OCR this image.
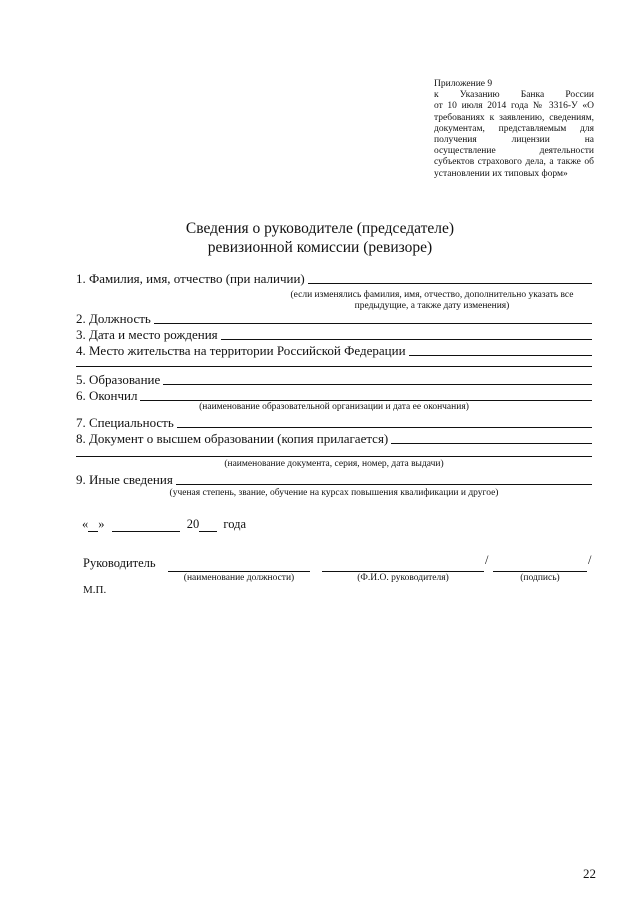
Приложение 9
к Указанию Банка России
от 10 июля 2014 года № 3316-У «О
требованиях к заявлению, сведениям,
документам, представляемым для
получения лицензии на
осуществление деятельности
субъектов страхового дела, а также об
установлении их типовых форм»
Сведения о руководителе (председателе)
ревизионной комиссии (ревизоре)
1. Фамилия, имя, отчество (при наличии)
(если изменялись фамилия, имя, отчество, дополнительно указать все
предыдущие, а также дату изменения)
2. Должность
3. Дата и место рождения
4. Место жительства на территории Российской Федерации
5. Образование
6. Окончил
(наименование образовательной организации и дата ее окончания)
7. Специальность
8. Документ о высшем образовании (копия прилагается)
(наименование документа, серия, номер, дата выдачи)
9. Иные сведения
(ученая степень, звание, обучение на курсах повышения квалификации и другое)
« »	20 года
Руководитель	/	/
(наименование должности)	(Ф.И.О. руководителя)	(подпись)
М.П.
22
